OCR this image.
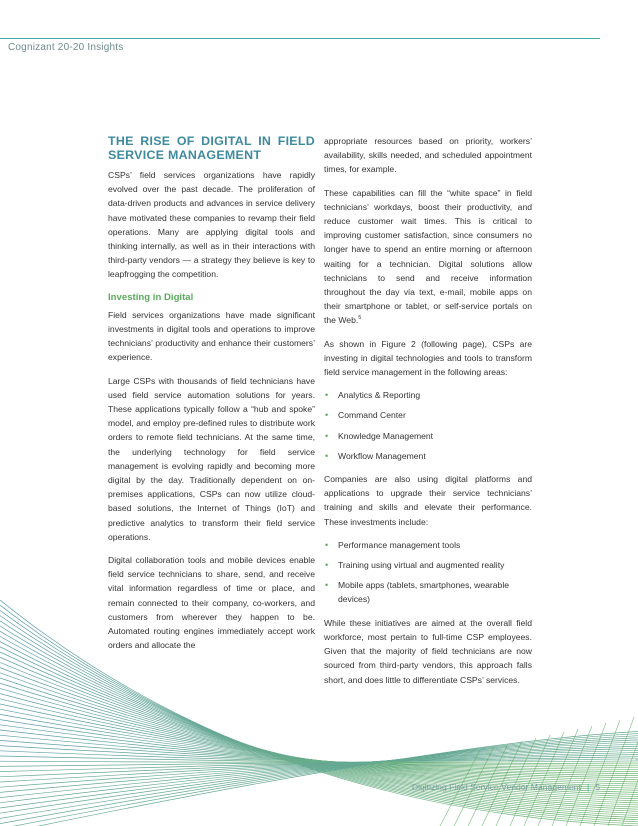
Cognizant 20-20 Insights
THE RISE OF DIGITAL IN FIELD SERVICE MANAGEMENT

CSPs’ field services organizations have rapidly evolved over the past decade. The proliferation of data-driven products and advances in service delivery have motivated these companies to revamp their field operations. Many are applying digital tools and thinking internally, as well as in their interactions with third-party vendors — a strategy they believe is key to leapfrogging the competition.

Investing in Digital

Field services organizations have made significant investments in digital tools and operations to improve technicians’ productivity and enhance their customers’ experience.

Large CSPs with thousands of field technicians have used field service automation solutions for years. These applications typically follow a “hub and spoke” model, and employ pre-defined rules to distribute work orders to remote field technicians. At the same time, the underlying technology for field service management is evolving rapidly and becoming more digital by the day. Traditionally dependent on on-premises applications, CSPs can now utilize cloud-based solutions, the Internet of Things (IoT) and predictive analytics to transform their field service operations.

Digital collaboration tools and mobile devices enable field service technicians to share, send, and receive vital information regardless of time or place, and remain connected to their company, co-workers, and customers from wherever they happen to be. Automated routing engines immediately accept work orders and allocate the

appropriate resources based on priority, workers’ availability, skills needed, and scheduled appointment times, for example.

These capabilities can fill the “white space” in field technicians’ workdays, boost their productivity, and reduce customer wait times. This is critical to improving customer satisfaction, since consumers no longer have to spend an entire morning or afternoon waiting for a technician. Digital solutions allow technicians to send and receive information throughout the day via text, e-mail, mobile apps on their smartphone or tablet, or self-service portals on the Web.$^5$

As shown in Figure 2 (following page), CSPs are investing in digital technologies and tools to transform field service management in the following areas:

• Analytics & Reporting
• Command Center
• Knowledge Management
• Workflow Management

Companies are also using digital platforms and applications to upgrade their service technicians’ training and skills and elevate their performance. These investments include:

• Performance management tools
• Training using virtual and augmented reality
• Mobile apps (tablets, smartphones, wearable devices)

While these initiatives are aimed at the overall field workforce, most pertain to full-time CSP employees. Given that the majority of field technicians are now sourced from third-party vendors, this approach falls short, and does little to differentiate CSPs’ services.

Digitizing Field Service Vendor Management | 5
